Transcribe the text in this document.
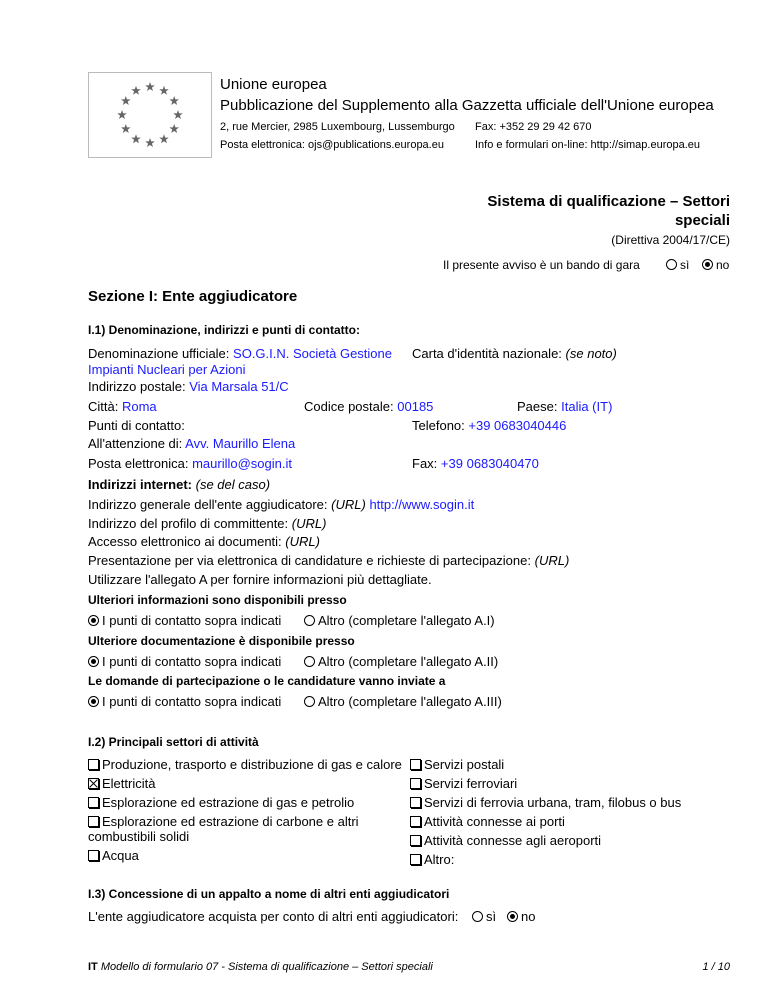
Unione europea
Pubblicazione del Supplemento alla Gazzetta ufficiale dell'Unione europea
2, rue Mercier, 2985 Luxembourg, Lussemburgo Fax: +352 29 29 42 670
Posta elettronica: ojs@publications.europa.eu	Info e formulari on-line: http://simap.europa.eu
Sistema di qualificazione – Settori
speciali
(Direttiva 2004/17/CE)
Il presente avviso è un bando di gara	sì	no
Sezione I: Ente aggiudicatore
I.1) Denominazione, indirizzi e punti di contatto:
Denominazione ufficiale: SO.G.I.N. Società Gestione
Impianti Nucleari per Azioni
Carta d'identità nazionale: (se noto)
Indirizzo postale: Via Marsala 51/C
Città: Roma	Codice postale: 00185	Paese: Italia (IT)
Punti di contatto:	Telefono: +39 0683040446
All'attenzione di: Avv. Maurillo Elena
Posta elettronica: maurillo@sogin.it	Fax: +39 0683040470
Indirizzi internet: (se del caso)
Indirizzo generale dell'ente aggiudicatore: (URL) http://www.sogin.it
Indirizzo del profilo di committente: (URL)
Accesso elettronico ai documenti: (URL)
Presentazione per via elettronica di candidature e richieste di partecipazione: (URL)
Utilizzare l'allegato A per fornire informazioni più dettagliate.
Ulteriori informazioni sono disponibili presso
I punti di contatto sopra indicati	Altro (completare l'allegato A.I)
Ulteriore documentazione è disponibile presso
I punti di contatto sopra indicati	Altro (completare l'allegato A.II)
Le domande di partecipazione o le candidature vanno inviate a
I punti di contatto sopra indicati	Altro (completare l'allegato A.III)
I.2) Principali settori di attività
Produzione, trasporto e distribuzione di gas e calore
Elettricità
Esplorazione ed estrazione di gas e petrolio
Esplorazione ed estrazione di carbone e altri
combustibili solidi
Acqua
Servizi postali
Servizi ferroviari
Servizi di ferrovia urbana, tram, filobus o bus
Attività connesse ai porti
Attività connesse agli aeroporti
Altro:
I.3) Concessione di un appalto a nome di altri enti aggiudicatori
L'ente aggiudicatore acquista per conto di altri enti aggiudicatori:	sì	no
IT Modello di formulario 07 - Sistema di qualificazione – Settori speciali	1 / 10
